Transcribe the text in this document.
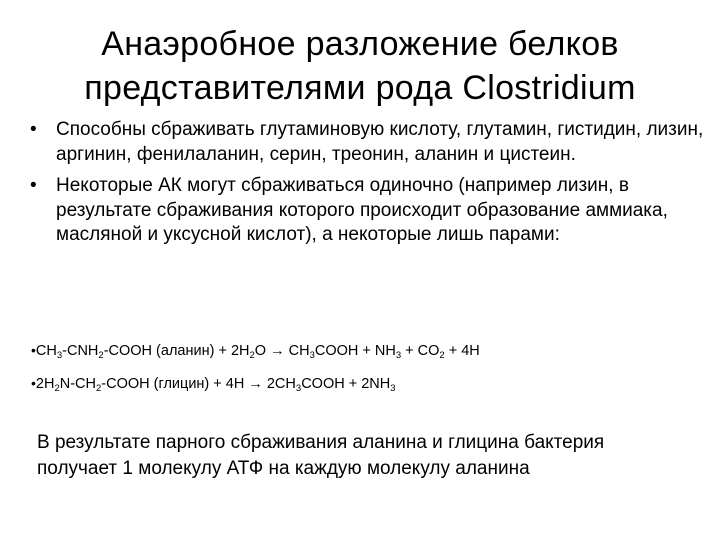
Анаэробное разложение белков
представителями рода Clostridium
•	Способны сбраживать глутаминовую кислоту, глутамин, гистидин, лизин, аргинин, фенилаланин, серин, треонин, аланин и цистеин.
•	Некоторые АК могут сбраживаться одиночно (например лизин, в результате сбраживания которого происходит образование аммиака, масляной и уксусной кислот), а некоторые лишь парами:
$•CH_3-CNH_2$-COOH (аланин) + $2H_2O$ → $CH_3COOH + NH_3 + CO_2 + 4H$
$•2H_2N-CH_2$-COOH (глицин) + $4H \to 2CH_3COOH + 2NH_3$
В результате парного сбраживания аланина и глицина бактерия получает 1 молекулу АТФ на каждую молекулу аланина
